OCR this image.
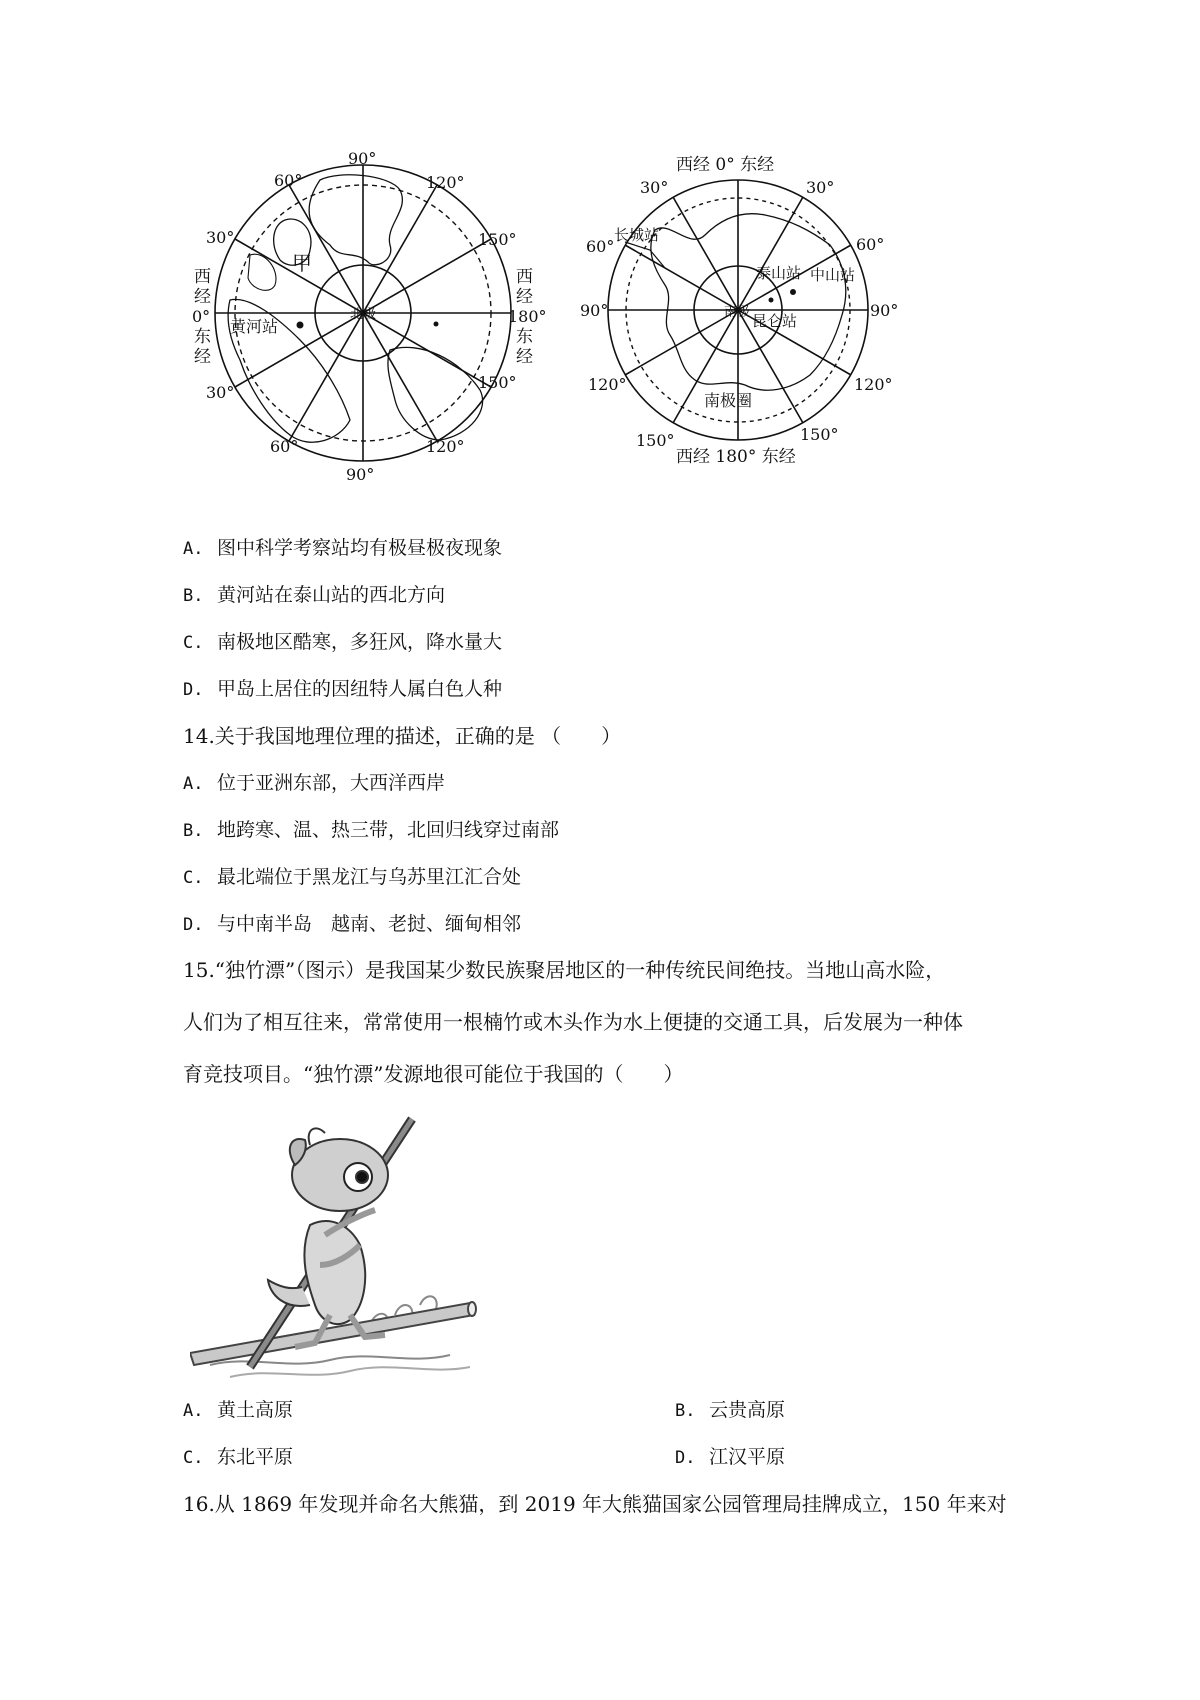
90°
60°
30°
120°
150°
30°
60°
150°
120°
90°
西
经
0°
东
经
西
经
180°
东
经
北极
甲
黄河站
西经 0° 东经
30°
60°
30°
60°
90°	90°
120°	120°
150°	150°
西经 180° 东经
南极
南极圈
长城站
泰山站 中山站
昆仑站
A. 图中科学考察站均有极昼极夜现象
B. 黄河站在泰山站的西北方向
C. 南极地区酷寒，多狂风，降水量大
D. 甲岛上居住的因纽特人属白色人种
14.关于我国地理位理的描述，正确的是 （　　）
A. 位于亚洲东部，大西洋西岸
B. 地跨寒、温、热三带，北回归线穿过南部
C. 最北端位于黑龙江与乌苏里江汇合处
D. 与中南半岛　越南、老挝、缅甸相邻
15.“独竹漂”（图示）是我国某少数民族聚居地区的一种传统民间绝技。当地山高水险，
人们为了相互往来，常常使用一根楠竹或木头作为水上便捷的交通工具，后发展为一种体
育竞技项目。“独竹漂”发源地很可能位于我国的（　　）
A. 黄土高原	B. 云贵高原
C. 东北平原	D. 江汉平原
16.从 1869 年发现并命名大熊猫，到 2019 年大熊猫国家公园管理局挂牌成立，150 年来对
